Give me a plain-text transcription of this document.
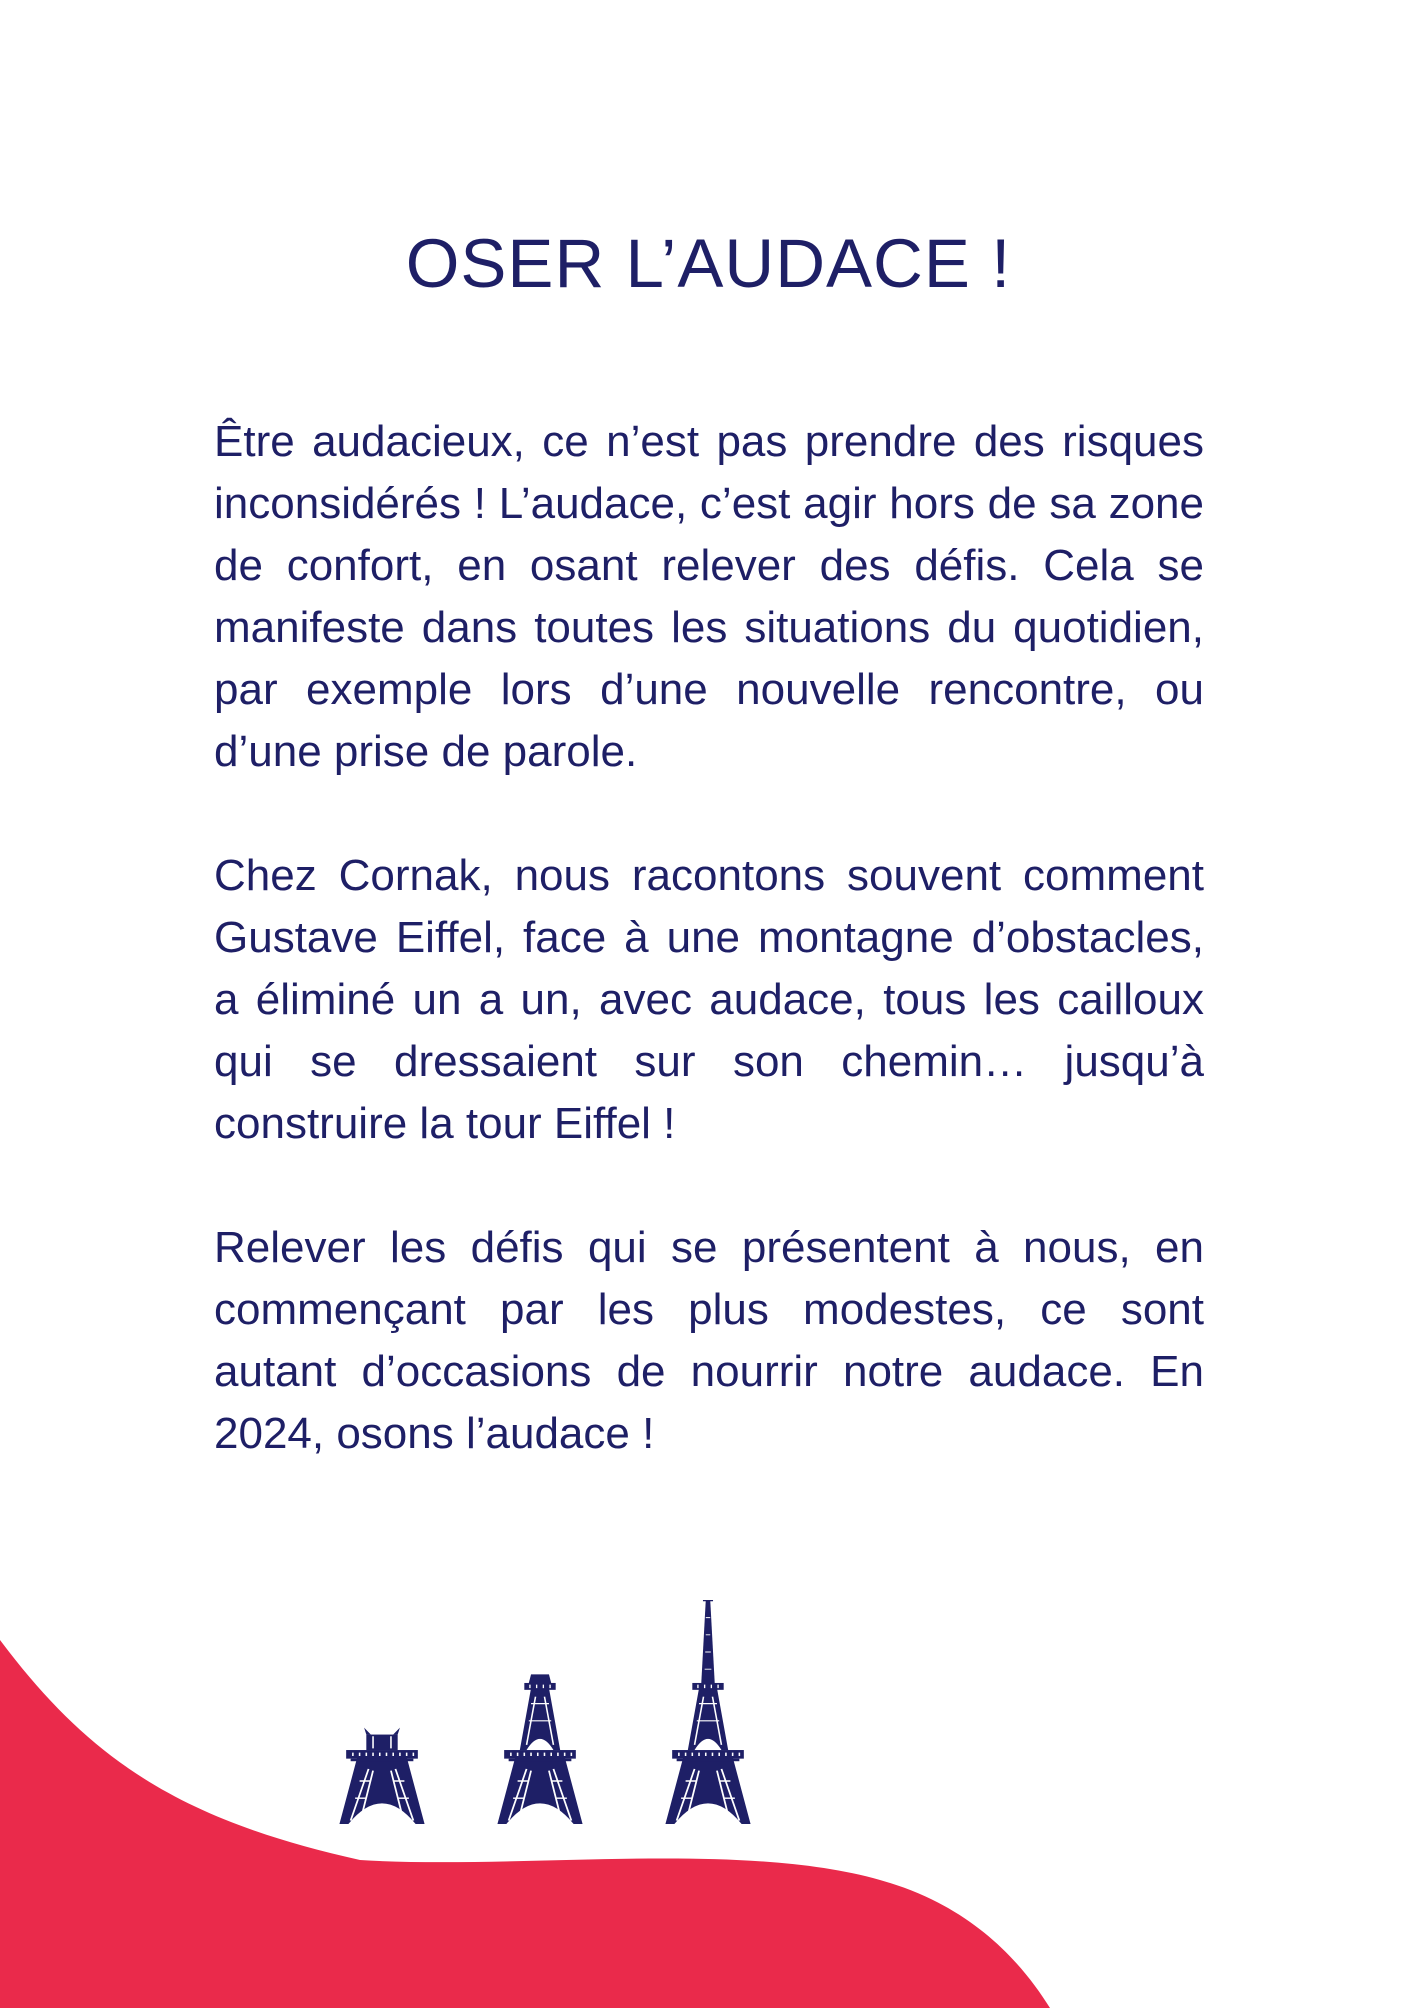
OSER L’AUDACE !

Être audacieux, ce n’est pas prendre des risques inconsidérés ! L’audace, c’est agir hors de sa zone de confort, en osant relever des défis. Cela se manifeste dans toutes les situations du quotidien, par exemple lors d’une nouvelle rencontre, ou d’une prise de parole.

Chez Cornak, nous racontons souvent comment Gustave Eiffel, face à une montagne d’obstacles, a éliminé un a un, avec audace, tous les cailloux qui se dressaient sur son chemin… jusqu’à construire la tour Eiffel !

Relever les défis qui se présentent à nous, en commençant par les plus modestes, ce sont autant d’occasions de nourrir notre audace. En 2024, osons l’audace !
